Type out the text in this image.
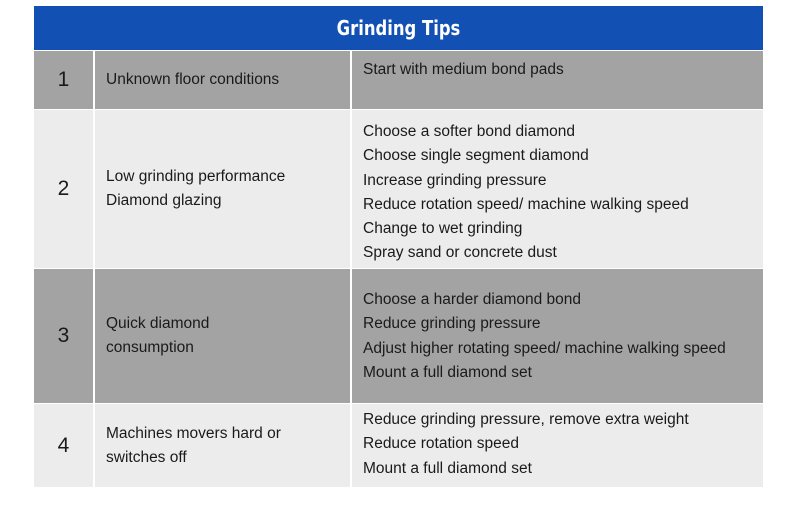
Grinding Tips
1	Unknown floor conditions
Start with medium bond pads
2
Low grinding performance
Diamond glazing
Choose a softer bond diamond
Choose single segment diamond
Increase grinding pressure
Reduce rotation speed/ machine walking speed
Change to wet grinding
Spray sand or concrete dust
3
Quick diamond
consumption
Choose a harder diamond bond
Reduce grinding pressure
Adjust higher rotating speed/ machine walking speed
Mount a full diamond set
4
Machines movers hard or
switches off
Reduce grinding pressure, remove extra weight
Reduce rotation speed
Mount a full diamond set
